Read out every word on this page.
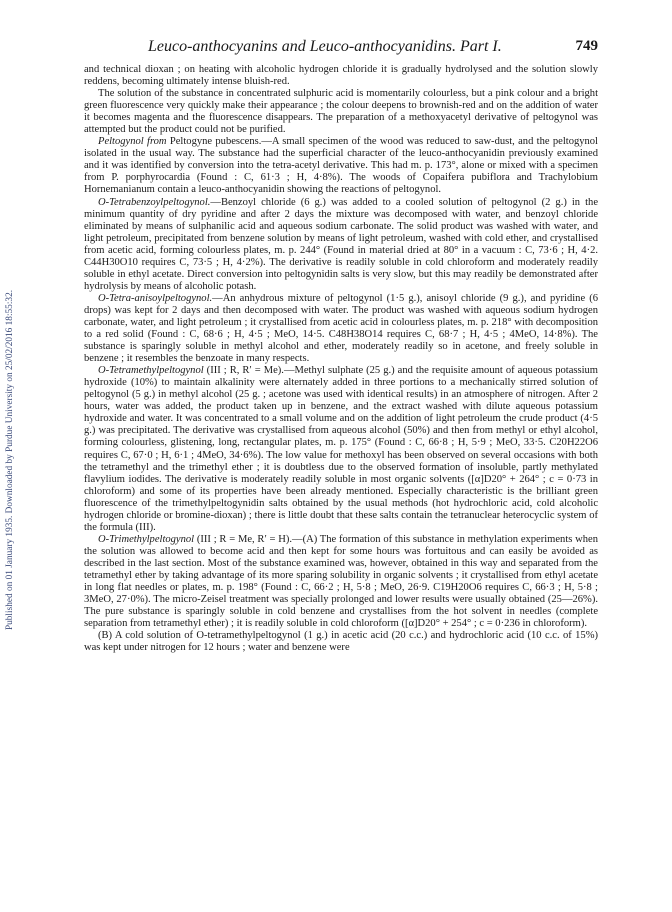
Published on 01 January 1935. Downloaded by Purdue University on 25/02/2016 18:55:32.
Leuco-anthocyanins and Leuco-anthocyanidins. Part I.	749

and technical dioxan ; on heating with alcoholic hydrogen chloride it is gradually hydrolysed and the solution slowly reddens, becoming ultimately intense bluish-red.

The solution of the substance in concentrated sulphuric acid is momentarily colourless, but a pink colour and a bright green fluorescence very quickly make their appearance ; the colour deepens to brownish-red and on the addition of water it becomes magenta and the fluorescence disappears. The preparation of a methoxyacetyl derivative of peltogynol was attempted but the product could not be purified.

Peltogynol from Peltogyne pubescens.—A small specimen of the wood was reduced to saw-dust, and the peltogynol isolated in the usual way. The substance had the superficial character of the leuco-anthocyanidin previously examined and it was identified by conversion into the tetra-acetyl derivative. This had m. p. 173°, alone or mixed with a specimen from P. porphyrocardia (Found : C, 61·3 ; H, 4·8%). The woods of Copaifera pubiflora and Trachylobium Hornemanianum contain a leuco-anthocyanidin showing the reactions of peltogynol.

O-Tetrabenzoylpeltogynol.—Benzoyl chloride (6 g.) was added to a cooled solution of peltogynol (2 g.) in the minimum quantity of dry pyridine and after 2 days the mixture was decomposed with water, and benzoyl chloride eliminated by means of sulphanilic acid and aqueous sodium carbonate. The solid product was washed with water, and light petroleum, precipitated from benzene solution by means of light petroleum, washed with cold ether, and crystallised from acetic acid, forming colourless plates, m. p. 244° (Found in material dried at 80° in a vacuum : C, 73·6 ; H, 4·2. C44H30O10 requires C, 73·5 ; H, 4·2%). The derivative is readily soluble in cold chloroform and moderately readily soluble in ethyl acetate. Direct conversion into peltogynidin salts is very slow, but this may readily be demonstrated after hydrolysis by means of alcoholic potash.

O-Tetra-anisoylpeltogynol.—An anhydrous mixture of peltogynol (1·5 g.), anisoyl chloride (9 g.), and pyridine (6 drops) was kept for 2 days and then decomposed with water. The product was washed with aqueous sodium hydrogen carbonate, water, and light petroleum ; it crystallised from acetic acid in colourless plates, m. p. 218° with decomposition to a red solid (Found : C, 68·6 ; H, 4·5 ; MeO, 14·5. C48H38O14 requires C, 68·7 ; H, 4·5 ; 4MeO, 14·8%). The substance is sparingly soluble in methyl alcohol and ether, moderately readily so in acetone, and freely soluble in benzene ; it resembles the benzoate in many respects.

O-Tetramethylpeltogynol (III ; R, R′ = Me).—Methyl sulphate (25 g.) and the requisite amount of aqueous potassium hydroxide (10%) to maintain alkalinity were alternately added in three portions to a mechanically stirred solution of peltogynol (5 g.) in methyl alcohol (25 g. ; acetone was used with identical results) in an atmosphere of nitrogen. After 2 hours, water was added, the product taken up in benzene, and the extract washed with dilute aqueous potassium hydroxide and water. It was concentrated to a small volume and on the addition of light petroleum the crude product (4·5 g.) was precipitated. The derivative was crystallised from aqueous alcohol (50%) and then from methyl or ethyl alcohol, forming colourless, glistening, long, rectangular plates, m. p. 175° (Found : C, 66·8 ; H, 5·9 ; MeO, 33·5. C20H22O6 requires C, 67·0 ; H, 6·1 ; 4MeO, 34·6%). The low value for methoxyl has been observed on several occasions with both the tetramethyl and the trimethyl ether ; it is doubtless due to the observed formation of insoluble, partly methylated flavylium iodides. The derivative is moderately readily soluble in most organic solvents ([α]D20° + 264° ; c = 0·73 in chloroform) and some of its properties have been already mentioned. Especially characteristic is the brilliant green fluorescence of the trimethylpeltogynidin salts obtained by the usual methods (hot hydrochloric acid, cold alcoholic hydrogen chloride or bromine-dioxan) ; there is little doubt that these salts contain the tetranuclear heterocyclic system of the formula (III).

O-Trimethylpeltogynol (III ; R = Me, R′ = H).—(A) The formation of this substance in methylation experiments when the solution was allowed to become acid and then kept for some hours was fortuitous and can easily be avoided as described in the last section. Most of the substance examined was, however, obtained in this way and separated from the tetramethyl ether by taking advantage of its more sparing solubility in organic solvents ; it crystallised from ethyl acetate in long flat needles or plates, m. p. 198° (Found : C, 66·2 ; H, 5·8 ; MeO, 26·9. C19H20O6 requires C, 66·3 ; H, 5·8 ; 3MeO, 27·0%). The micro-Zeisel treatment was specially prolonged and lower results were usually obtained (25—26%). The pure substance is sparingly soluble in cold benzene and crystallises from the hot solvent in needles (complete separation from tetramethyl ether) ; it is readily soluble in cold chloroform ([α]D20° + 254° ; c = 0·236 in chloroform).

(B) A cold solution of O-tetramethylpeltogynol (1 g.) in acetic acid (20 c.c.) and hydrochloric acid (10 c.c. of 15%) was kept under nitrogen for 12 hours ; water and benzene were
